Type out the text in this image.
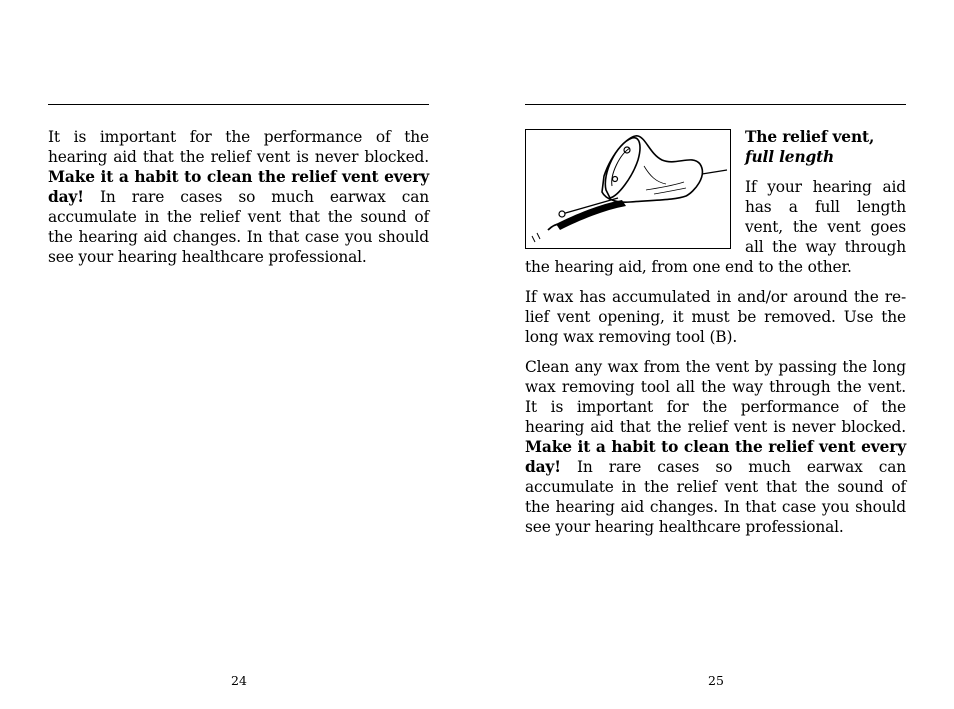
It is important for the performance of the hearing aid that the relief vent is never blocked. Make it a habit to clean the relief vent every day! In rare cases so much earwax can accumulate in the relief vent that the sound of the hearing aid changes. In that case you should see your hearing healthcare professional.

The relief vent,
full length

If your hearing aid has a full length vent, the vent goes all the way through the hearing aid, from one end to the other.

If wax has accumulated in and/or around the re-lief vent opening, it must be removed. Use the long wax removing tool (B).

Clean any wax from the vent by passing the long wax removing tool all the way through the vent. It is important for the performance of the hearing aid that the relief vent is never blocked. Make it a habit to clean the relief vent every day! In rare cases so much earwax can accumulate in the relief vent that the sound of the hearing aid changes. In that case you should see your hearing healthcare professional.

24	25
